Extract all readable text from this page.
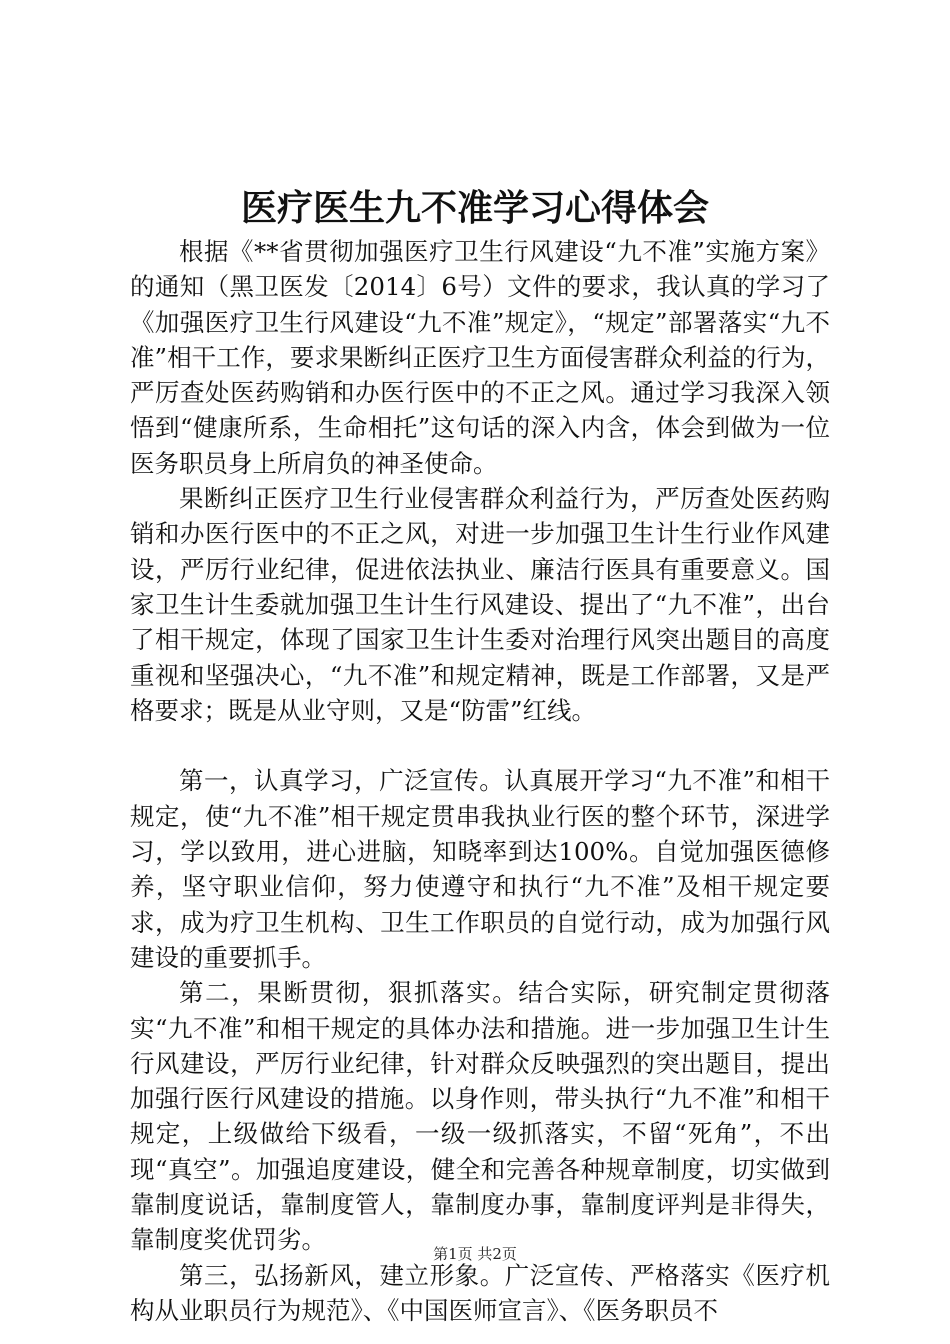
医疗医生九不准学习心得体会

根据《**省贯彻加强医疗卫生行风建设“九不准”实施方案》的通知（黑卫医发〔2014〕6号）文件的要求，我认真的学习了《加强医疗卫生行风建设“九不准”规定》，“规定”部署落实“九不准”相干工作，要求果断纠正医疗卫生方面侵害群众利益的行为，严厉查处医药购销和办医行医中的不正之风。通过学习我深入领悟到“健康所系，生命相托”这句话的深入内含，体会到做为一位医务职员身上所肩负的神圣使命。

果断纠正医疗卫生行业侵害群众利益行为，严厉查处医药购销和办医行医中的不正之风，对进一步加强卫生计生行业作风建设，严厉行业纪律，促进依法执业、廉洁行医具有重要意义。国家卫生计生委就加强卫生计生行风建设、提出了“九不准”，出台了相干规定，体现了国家卫生计生委对治理行风突出题目的高度重视和坚强决心，“九不准”和规定精神，既是工作部署，又是严格要求；既是从业守则，又是“防雷”红线。

第一，认真学习，广泛宣传。认真展开学习“九不准”和相干规定，使“九不准”相干规定贯串我执业行医的整个环节，深进学习，学以致用，进心进脑，知晓率到达100%。自觉加强医德修养，坚守职业信仰，努力使遵守和执行“九不准”及相干规定要求，成为疗卫生机构、卫生工作职员的自觉行动，成为加强行风建设的重要抓手。

第二，果断贯彻，狠抓落实。结合实际，研究制定贯彻落实“九不准”和相干规定的具体办法和措施。进一步加强卫生计生行风建设，严厉行业纪律，针对群众反映强烈的突出题目，提出加强行医行风建设的措施。以身作则，带头执行“九不准”和相干规定，上级做给下级看，一级一级抓落实，不留“死角”，不出现“真空”。加强追度建设，健全和完善各种规章制度，切实做到靠制度说话，靠制度管人，靠制度办事，靠制度评判是非得失，靠制度奖优罚劣。

第三，弘扬新风，建立形象。广泛宣传、严格落实《医疗机构从业职员行为规范》、《中国医师宣言》、《医务职员不

第1页 共2页
